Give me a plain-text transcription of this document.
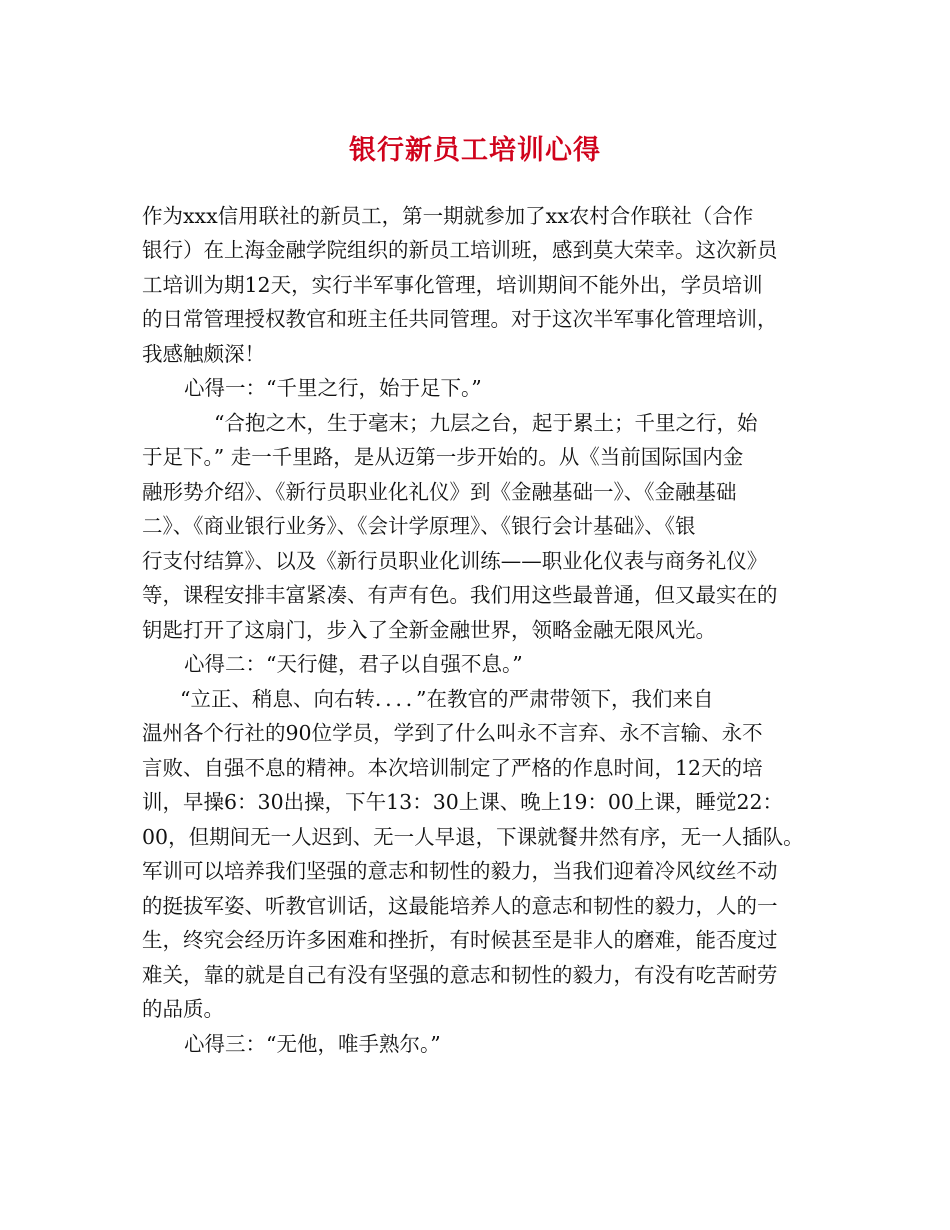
银行新员工培训心得
作为xxx信用联社的新员工，第一期就参加了xx农村合作联社（合作
银行）在上海金融学院组织的新员工培训班，感到莫大荣幸。这次新员
工培训为期12天，实行半军事化管理，培训期间不能外出，学员培训
的日常管理授权教官和班主任共同管理。对于这次半军事化管理培训，
我感触颇深！
心得一：“千里之行，始于足下。”
“合抱之木，生于毫末；九层之台，起于累土；千里之行，始
于足下。” 走一千里路，是从迈第一步开始的。从《当前国际国内金
融形势介绍》、《新行员职业化礼仪》到《金融基础一》、《金融基础
二》、《商业银行业务》、《会计学原理》、《银行会计基础》、《银
行支付结算》、以及《新行员职业化训练——职业化仪表与商务礼仪》
等，课程安排丰富紧凑、有声有色。我们用这些最普通，但又最实在的
钥匙打开了这扇门，步入了全新金融世界，领略金融无限风光。
心得二：“天行健，君子以自强不息。”
“立正、稍息、向右转．．．．”在教官的严肃带领下，我们来自
温州各个行社的90位学员，学到了什么叫永不言弃、永不言输、永不
言败、自强不息的精神。本次培训制定了严格的作息时间，12天的培
训，早操6：30出操，下午13：30上课、晚上19：00上课，睡觉22：
00，但期间无一人迟到、无一人早退，下课就餐井然有序，无一人插队。
军训可以培养我们坚强的意志和韧性的毅力，当我们迎着冷风纹丝不动
的挺拔军姿、听教官训话，这最能培养人的意志和韧性的毅力，人的一
生，终究会经历许多困难和挫折，有时候甚至是非人的磨难，能否度过
难关，靠的就是自己有没有坚强的意志和韧性的毅力，有没有吃苦耐劳
的品质。
心得三：“无他，唯手熟尔。”
